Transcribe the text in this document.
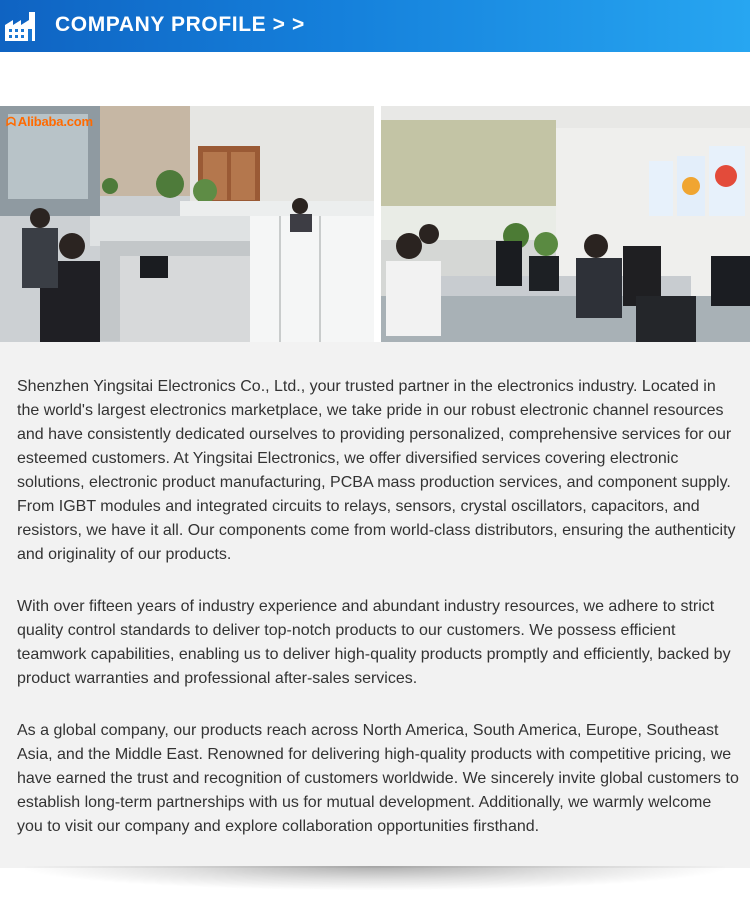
COMPANY PROFILE > >
ᗣ Alibaba.com

Shenzhen Yingsitai Electronics Co., Ltd., your trusted partner in the electronics industry. Located in the world's largest electronics marketplace, we take pride in our robust electronic channel resources and have consistently dedicated ourselves to providing personalized, comprehensive services for our esteemed customers. At Yingsitai Electronics, we offer diversified services covering electronic solutions, electronic product manufacturing, PCBA mass production services, and component supply. From IGBT modules and integrated circuits to relays, sensors, crystal oscillators, capacitors, and resistors, we have it all. Our components come from world-class distributors, ensuring the authenticity and originality of our products.

With over fifteen years of industry experience and abundant industry resources, we adhere to strict quality control standards to deliver top-notch products to our customers. We possess efficient teamwork capabilities, enabling us to deliver high-quality products promptly and efficiently, backed by product warranties and professional after-sales services.

As a global company, our products reach across North America, South America, Europe, Southeast Asia, and the Middle East. Renowned for delivering high-quality products with competitive pricing, we have earned the trust and recognition of customers worldwide. We sincerely invite global customers to establish long-term partnerships with us for mutual development. Additionally, we warmly welcome you to visit our company and explore collaboration opportunities firsthand.
